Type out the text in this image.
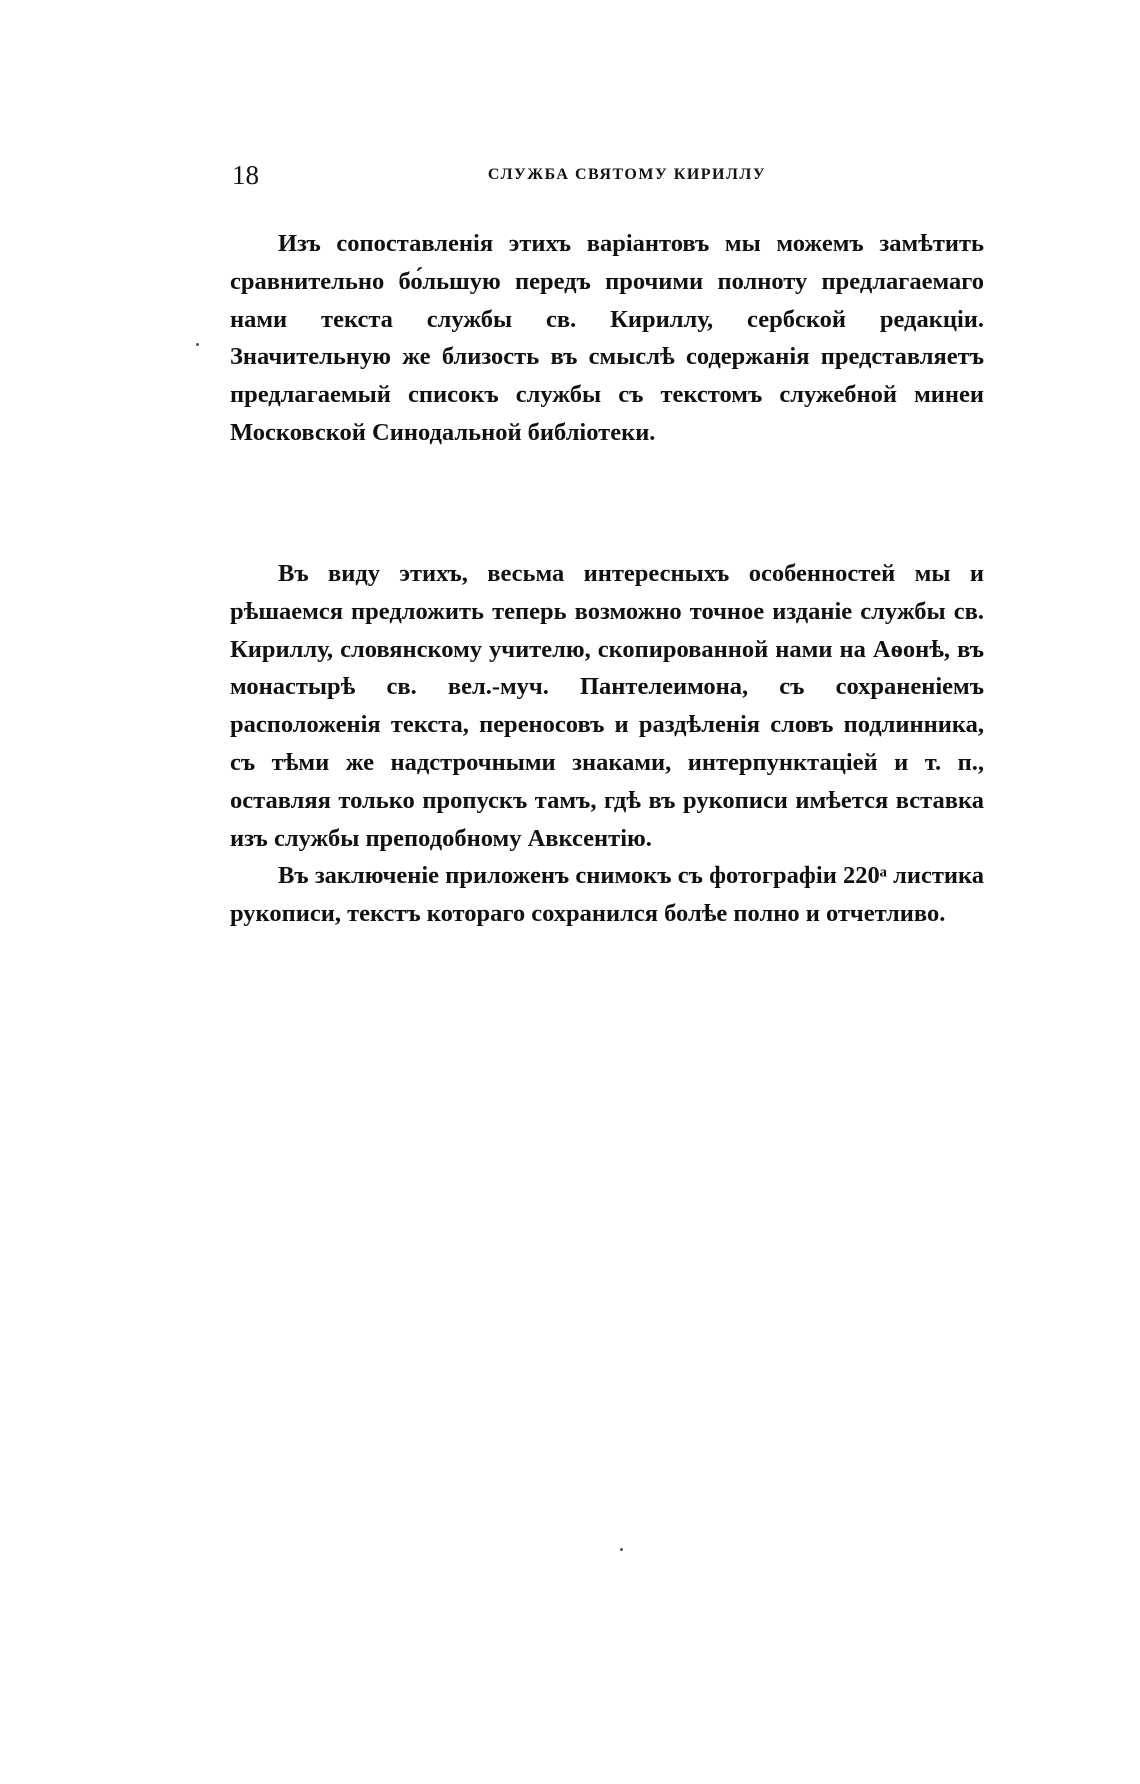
18	СЛУЖБА СВЯТОМУ КИРИЛЛУ

Изъ сопоставленія этихъ варіантовъ мы можемъ замѣтить сравнительно бо́льшую передъ прочими полноту предлагаемаго нами текста службы св. Кириллу, сербской редакціи. Значительную же близость въ смыслѣ содержанія представляетъ предлагаемый списокъ службы съ текстомъ служебной минеи Московской Синодальной библіотеки.

Въ виду этихъ, весьма интересныхъ особенностей мы и рѣшаемся предложить теперь возможно точное изданіе службы св. Кириллу, словянскому учителю, скопированной нами на Аѳонѣ, въ монастырѣ св. вел.-муч. Пантелеимона, съ сохраненіемъ расположенія текста, переносовъ и раздѣленія словъ подлинника, съ тѣми же надстрочными знаками, интерпунктаціей и т. п., оставляя только пропускъ тамъ, гдѣ въ рукописи имѣется вставка изъ службы преподобному Авксентію.

Въ заключеніе приложенъ снимокъ съ фотографіи 220ᵃ листика рукописи, текстъ котораго сохранился болѣе полно и отчетливо.
